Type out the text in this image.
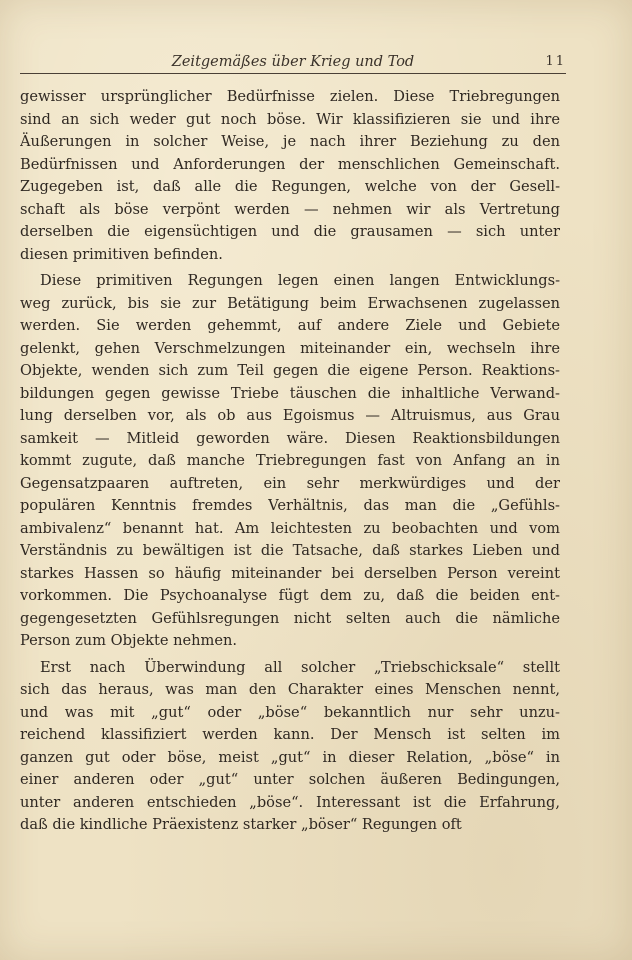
Zeitgemäßes über Krieg und Tod	11
gewisser ursprünglicher Bedürfnisse zielen. Diese Triebregungen
sind an sich weder gut noch böse. Wir klassifizieren sie und ihre
Äußerungen in solcher Weise, je nach ihrer Beziehung zu den
Bedürfnissen und Anforderungen der menschlichen Gemeinschaft.
Zugegeben ist, daß alle die Regungen, welche von der Gesell-
schaft als böse verpönt werden — nehmen wir als Vertretung
derselben die eigensüchtigen und die grausamen — sich unter
diesen primitiven befinden.
Diese primitiven Regungen legen einen langen Entwicklungs-
weg zurück, bis sie zur Betätigung beim Erwachsenen zugelassen
werden. Sie werden gehemmt, auf andere Ziele und Gebiete
gelenkt, gehen Verschmelzungen miteinander ein, wechseln ihre
Objekte, wenden sich zum Teil gegen die eigene Person. Reaktions-
bildungen gegen gewisse Triebe täuschen die inhaltliche Verwand-
lung derselben vor, als ob aus Egoismus — Altruismus, aus Grau
samkeit — Mitleid geworden wäre. Diesen Reaktionsbildungen
kommt zugute, daß manche Triebregungen fast von Anfang an in
Gegensatzpaaren auftreten, ein sehr merkwürdiges und der
populären Kenntnis fremdes Verhältnis, das man die „Gefühls-
ambivalenz“ benannt hat. Am leichtesten zu beobachten und vom
Verständnis zu bewältigen ist die Tatsache, daß starkes Lieben und
starkes Hassen so häufig miteinander bei derselben Person vereint
vorkommen. Die Psychoanalyse fügt dem zu, daß die beiden ent-
gegengesetzten Gefühlsregungen nicht selten auch die nämliche
Person zum Objekte nehmen.
Erst nach Überwindung all solcher „Triebschicksale“ stellt
sich das heraus, was man den Charakter eines Menschen nennt,
und was mit „gut“ oder „böse“ bekanntlich nur sehr unzu-
reichend klassifiziert werden kann. Der Mensch ist selten im
ganzen gut oder böse, meist „gut“ in dieser Relation, „böse“ in
einer anderen oder „gut“ unter solchen äußeren Bedingungen,
unter anderen entschieden „böse“. Interessant ist die Erfahrung,
daß die kindliche Präexistenz starker „böser“ Regungen oft
